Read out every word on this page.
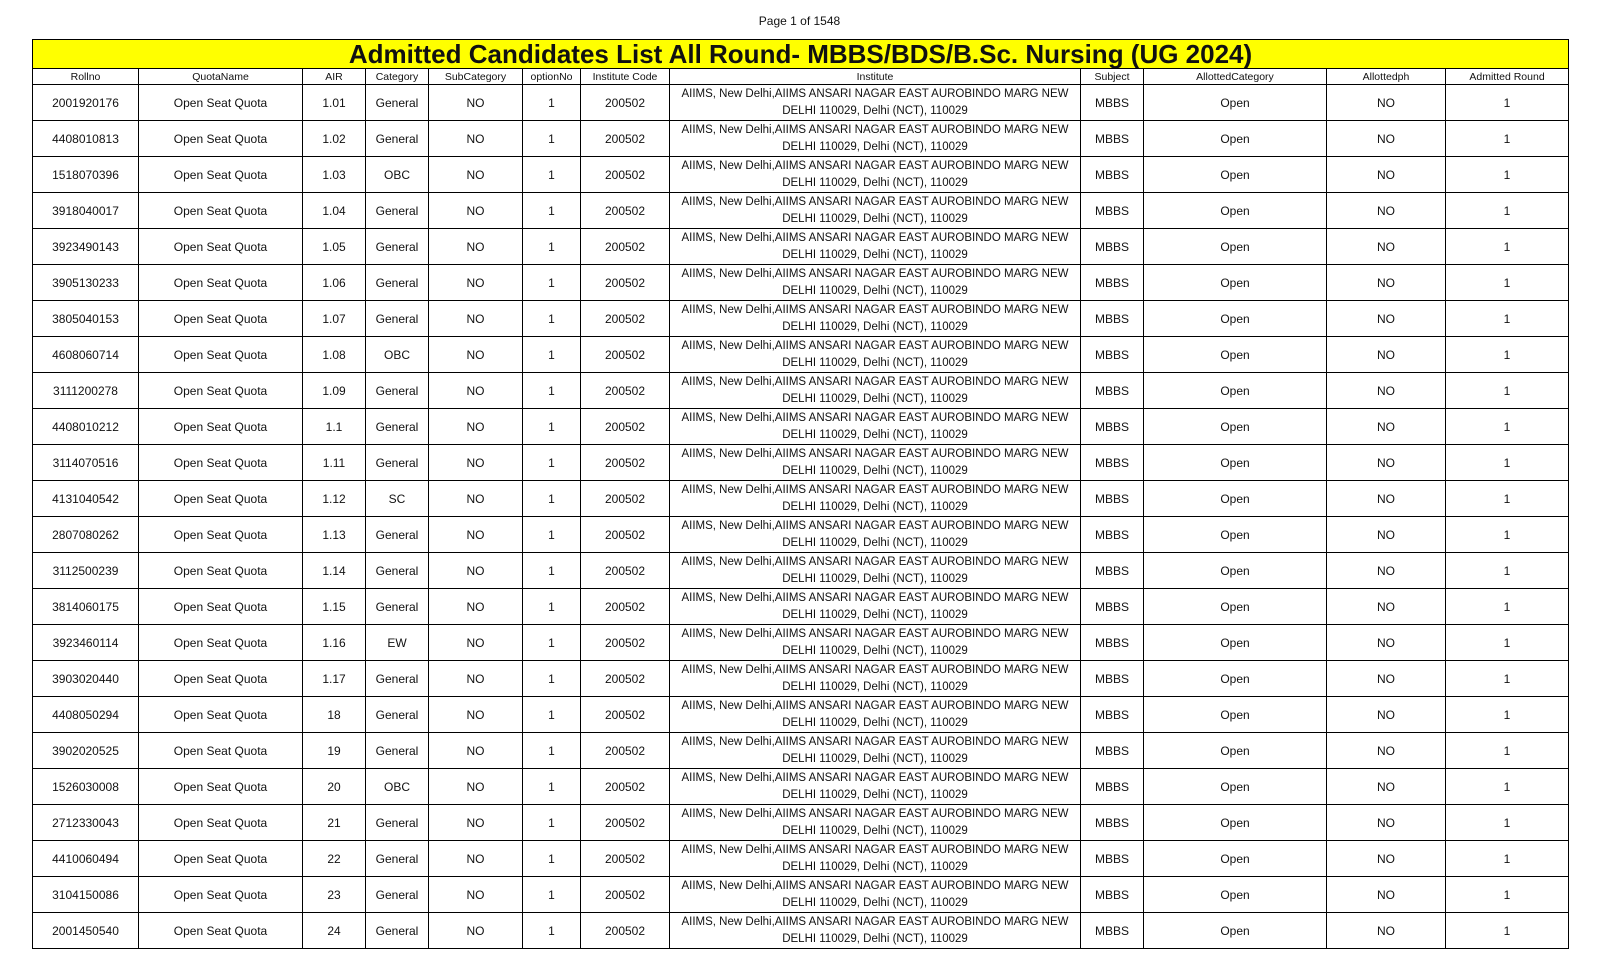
Page 1 of 1548
Admitted Candidates List All Round- MBBS/BDS/B.Sc. Nursing (UG 2024)											
Rollno	QuotaName	AIR	Category	SubCategory	optionNo	Institute Code	Institute	Subject	AllottedCategory	Allottedph	Admitted Round
2001920176	Open Seat Quota	1.01	General	NO	1	200502	AIIMS, New Delhi,AIIMS ANSARI NAGAR EAST AUROBINDO MARG NEW
DELHI 110029, Delhi (NCT), 110029	MBBS	Open	NO	1
4408010813	Open Seat Quota	1.02	General	NO	1	200502	AIIMS, New Delhi,AIIMS ANSARI NAGAR EAST AUROBINDO MARG NEW
DELHI 110029, Delhi (NCT), 110029	MBBS	Open	NO	1
1518070396	Open Seat Quota	1.03	OBC	NO	1	200502	AIIMS, New Delhi,AIIMS ANSARI NAGAR EAST AUROBINDO MARG NEW
DELHI 110029, Delhi (NCT), 110029	MBBS	Open	NO	1
3918040017	Open Seat Quota	1.04	General	NO	1	200502	AIIMS, New Delhi,AIIMS ANSARI NAGAR EAST AUROBINDO MARG NEW
DELHI 110029, Delhi (NCT), 110029	MBBS	Open	NO	1
3923490143	Open Seat Quota	1.05	General	NO	1	200502	AIIMS, New Delhi,AIIMS ANSARI NAGAR EAST AUROBINDO MARG NEW
DELHI 110029, Delhi (NCT), 110029	MBBS	Open	NO	1
3905130233	Open Seat Quota	1.06	General	NO	1	200502	AIIMS, New Delhi,AIIMS ANSARI NAGAR EAST AUROBINDO MARG NEW
DELHI 110029, Delhi (NCT), 110029	MBBS	Open	NO	1
3805040153	Open Seat Quota	1.07	General	NO	1	200502	AIIMS, New Delhi,AIIMS ANSARI NAGAR EAST AUROBINDO MARG NEW
DELHI 110029, Delhi (NCT), 110029	MBBS	Open	NO	1
4608060714	Open Seat Quota	1.08	OBC	NO	1	200502	AIIMS, New Delhi,AIIMS ANSARI NAGAR EAST AUROBINDO MARG NEW
DELHI 110029, Delhi (NCT), 110029	MBBS	Open	NO	1
3111200278	Open Seat Quota	1.09	General	NO	1	200502	AIIMS, New Delhi,AIIMS ANSARI NAGAR EAST AUROBINDO MARG NEW
DELHI 110029, Delhi (NCT), 110029	MBBS	Open	NO	1
4408010212	Open Seat Quota	1.1	General	NO	1	200502	AIIMS, New Delhi,AIIMS ANSARI NAGAR EAST AUROBINDO MARG NEW
DELHI 110029, Delhi (NCT), 110029	MBBS	Open	NO	1
3114070516	Open Seat Quota	1.11	General	NO	1	200502	AIIMS, New Delhi,AIIMS ANSARI NAGAR EAST AUROBINDO MARG NEW
DELHI 110029, Delhi (NCT), 110029	MBBS	Open	NO	1
4131040542	Open Seat Quota	1.12	SC	NO	1	200502	AIIMS, New Delhi,AIIMS ANSARI NAGAR EAST AUROBINDO MARG NEW
DELHI 110029, Delhi (NCT), 110029	MBBS	Open	NO	1
2807080262	Open Seat Quota	1.13	General	NO	1	200502	AIIMS, New Delhi,AIIMS ANSARI NAGAR EAST AUROBINDO MARG NEW
DELHI 110029, Delhi (NCT), 110029	MBBS	Open	NO	1
3112500239	Open Seat Quota	1.14	General	NO	1	200502	AIIMS, New Delhi,AIIMS ANSARI NAGAR EAST AUROBINDO MARG NEW
DELHI 110029, Delhi (NCT), 110029	MBBS	Open	NO	1
3814060175	Open Seat Quota	1.15	General	NO	1	200502	AIIMS, New Delhi,AIIMS ANSARI NAGAR EAST AUROBINDO MARG NEW
DELHI 110029, Delhi (NCT), 110029	MBBS	Open	NO	1
3923460114	Open Seat Quota	1.16	EW	NO	1	200502	AIIMS, New Delhi,AIIMS ANSARI NAGAR EAST AUROBINDO MARG NEW
DELHI 110029, Delhi (NCT), 110029	MBBS	Open	NO	1
3903020440	Open Seat Quota	1.17	General	NO	1	200502	AIIMS, New Delhi,AIIMS ANSARI NAGAR EAST AUROBINDO MARG NEW
DELHI 110029, Delhi (NCT), 110029	MBBS	Open	NO	1
4408050294	Open Seat Quota	18	General	NO	1	200502	AIIMS, New Delhi,AIIMS ANSARI NAGAR EAST AUROBINDO MARG NEW
DELHI 110029, Delhi (NCT), 110029	MBBS	Open	NO	1
3902020525	Open Seat Quota	19	General	NO	1	200502	AIIMS, New Delhi,AIIMS ANSARI NAGAR EAST AUROBINDO MARG NEW
DELHI 110029, Delhi (NCT), 110029	MBBS	Open	NO	1
1526030008	Open Seat Quota	20	OBC	NO	1	200502	AIIMS, New Delhi,AIIMS ANSARI NAGAR EAST AUROBINDO MARG NEW
DELHI 110029, Delhi (NCT), 110029	MBBS	Open	NO	1
2712330043	Open Seat Quota	21	General	NO	1	200502	AIIMS, New Delhi,AIIMS ANSARI NAGAR EAST AUROBINDO MARG NEW
DELHI 110029, Delhi (NCT), 110029	MBBS	Open	NO	1
4410060494	Open Seat Quota	22	General	NO	1	200502	AIIMS, New Delhi,AIIMS ANSARI NAGAR EAST AUROBINDO MARG NEW
DELHI 110029, Delhi (NCT), 110029	MBBS	Open	NO	1
3104150086	Open Seat Quota	23	General	NO	1	200502	AIIMS, New Delhi,AIIMS ANSARI NAGAR EAST AUROBINDO MARG NEW
DELHI 110029, Delhi (NCT), 110029	MBBS	Open	NO	1
2001450540	Open Seat Quota	24	General	NO	1	200502	AIIMS, New Delhi,AIIMS ANSARI NAGAR EAST AUROBINDO MARG NEW
DELHI 110029, Delhi (NCT), 110029	MBBS	Open	NO	1
